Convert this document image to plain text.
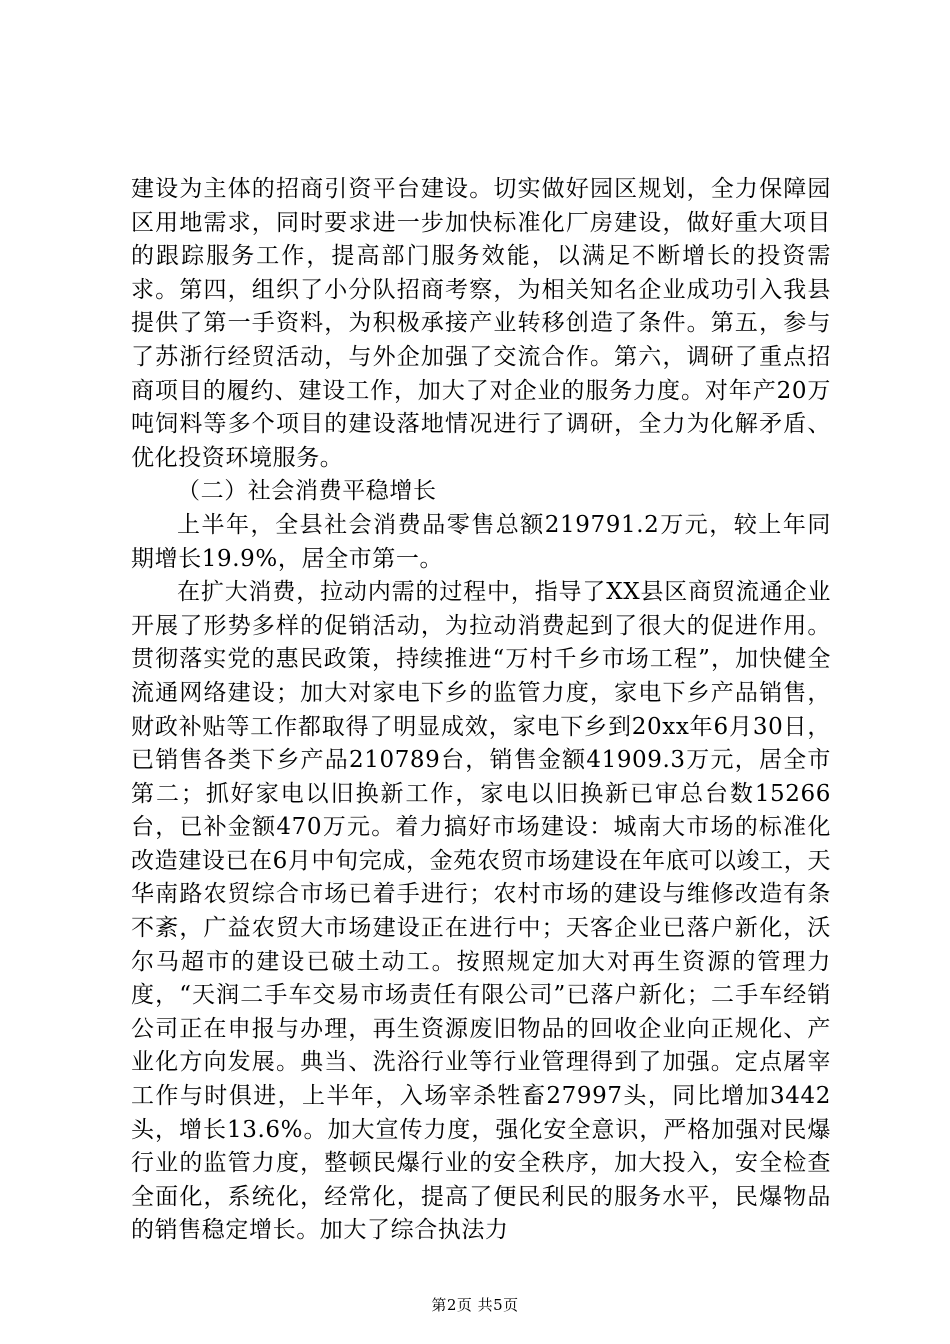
建设为主体的招商引资平台建设。切实做好园区规划，全力保障园区用地需求，同时要求进一步加快标准化厂房建设，做好重大项目的跟踪服务工作，提高部门服务效能，以满足不断增长的投资需求。第四，组织了小分队招商考察，为相关知名企业成功引入我县提供了第一手资料，为积极承接产业转移创造了条件。第五，参与了苏浙行经贸活动，与外企加强了交流合作。第六，调研了重点招商项目的履约、建设工作，加大了对企业的服务力度。对年产20万吨饲料等多个项目的建设落地情况进行了调研，全力为化解矛盾、优化投资环境服务。

（二）社会消费平稳增长

上半年，全县社会消费品零售总额219791.2万元，较上年同期增长19.9%，居全市第一。

在扩大消费，拉动内需的过程中，指导了XX县区商贸流通企业开展了形势多样的促销活动，为拉动消费起到了很大的促进作用。贯彻落实党的惠民政策，持续推进“万村千乡市场工程”，加快健全流通网络建设；加大对家电下乡的监管力度，家电下乡产品销售，财政补贴等工作都取得了明显成效，家电下乡到20xx年6月30日，已销售各类下乡产品210789台，销售金额41909.3万元，居全市第二；抓好家电以旧换新工作，家电以旧换新已审总台数15266台，已补金额470万元。着力搞好市场建设：城南大市场的标准化改造建设已在6月中旬完成，金苑农贸市场建设在年底可以竣工，天华南路农贸综合市场已着手进行；农村市场的建设与维修改造有条不紊，广益农贸大市场建设正在进行中；天客企业已落户新化，沃尔马超市的建设已破土动工。按照规定加大对再生资源的管理力度，“天润二手车交易市场责任有限公司”已落户新化；二手车经销公司正在申报与办理，再生资源废旧物品的回收企业向正规化、产业化方向发展。典当、洗浴行业等行业管理得到了加强。定点屠宰工作与时俱进，上半年，入场宰杀牲畜27997头，同比增加3442头，增长13.6%。加大宣传力度，强化安全意识，严格加强对民爆行业的监管力度，整顿民爆行业的安全秩序，加大投入，安全检查全面化，系统化，经常化，提高了便民利民的服务水平，民爆物品的销售稳定增长。加大了综合执法力

第2页 共5页
